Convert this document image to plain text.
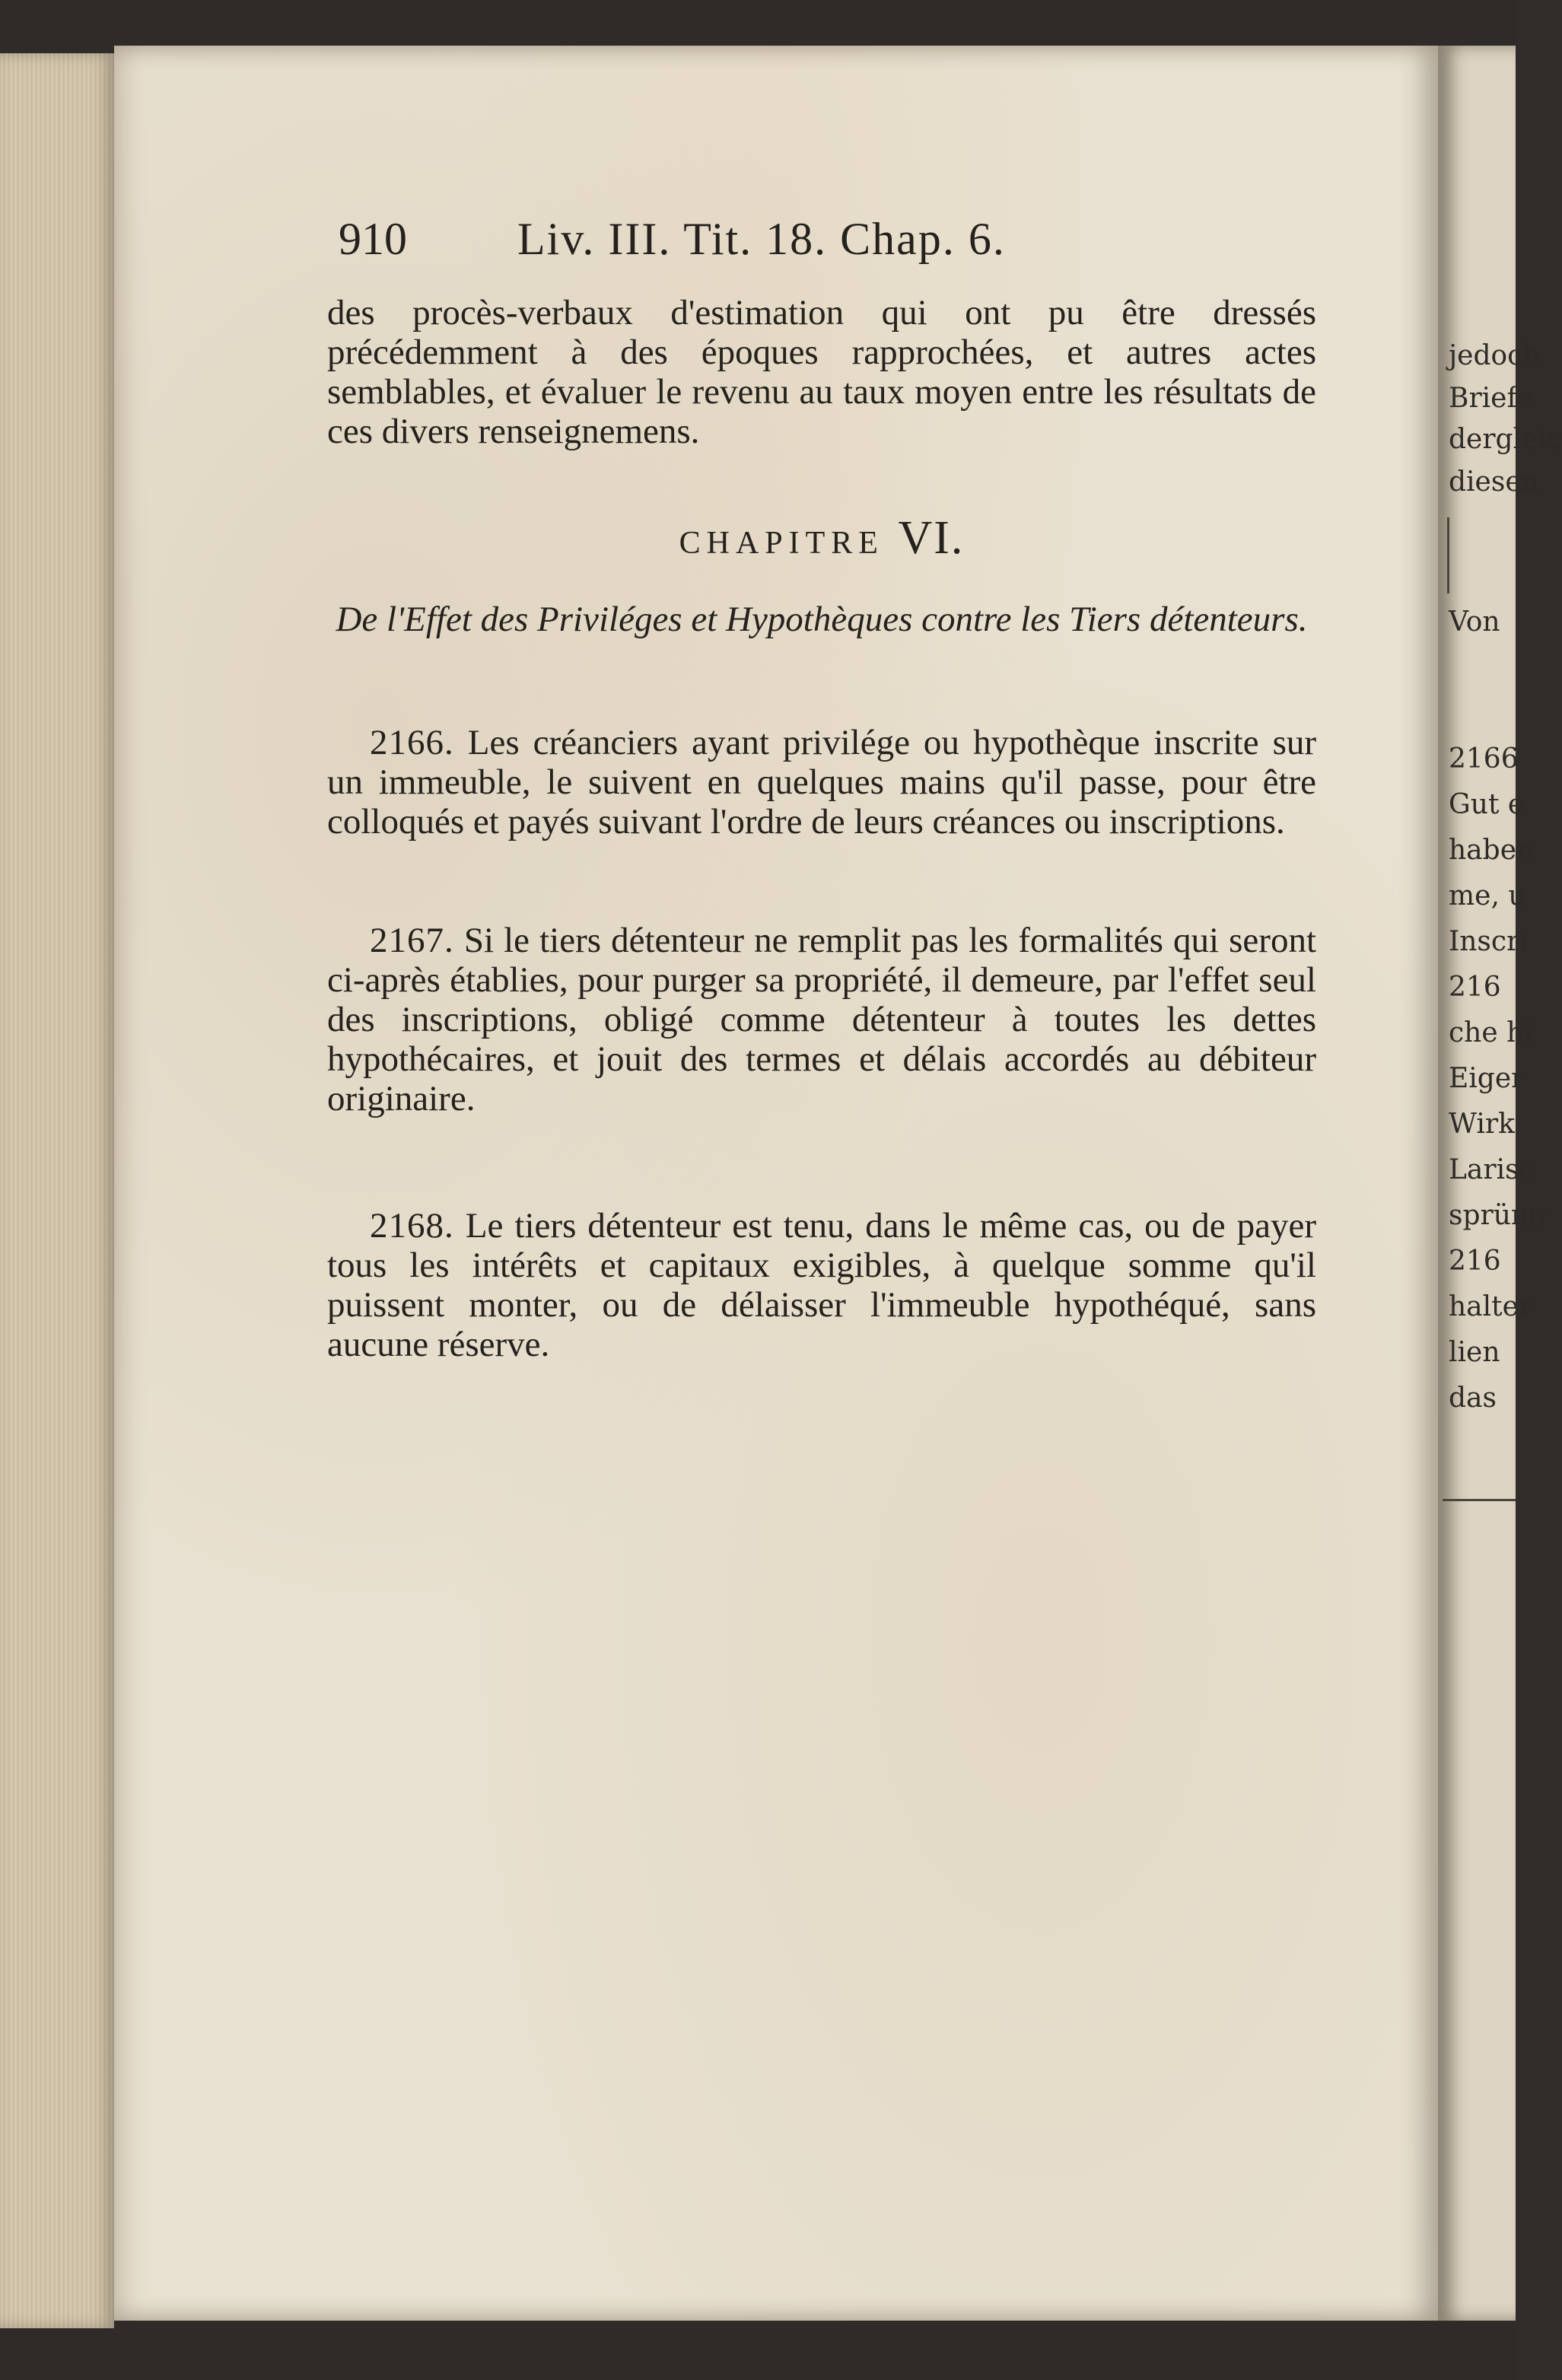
jedoch
Briefe
dergleic
diesen
Von
2166
Gut e
haben
me, u
Inscri
216
che hi
Eiger
Wirk
Larisc
sprüng
216
halter
lien
das
910 Liv. III. Tit. 18. Chap. 6.

des procès-verbaux d'estimation qui ont pu être dressés précédemment à des époques rapprochées, et autres actes semblables, et évaluer le revenu au taux moyen entre les résultats de ces divers renseignemens.

CHAPITRE VI.
De l'Effet des Priviléges et Hypothèques contre les Tiers détenteurs.

2166. Les créanciers ayant privilége ou hypothèque inscrite sur un immeuble, le suivent en quelques mains qu'il passe, pour être colloqués et payés suivant l'ordre de leurs créances ou inscriptions.

2167. Si le tiers détenteur ne remplit pas les formalités qui seront ci-après établies, pour purger sa propriété, il demeure, par l'effet seul des inscriptions, obligé comme détenteur à toutes les dettes hypothécaires, et jouit des termes et délais accordés au débiteur originaire.

2168. Le tiers détenteur est tenu, dans le même cas, ou de payer tous les intérêts et capitaux exigibles, à quelque somme qu'il puissent monter, ou de délaisser l'immeuble hypothéqué, sans aucune réserve.
